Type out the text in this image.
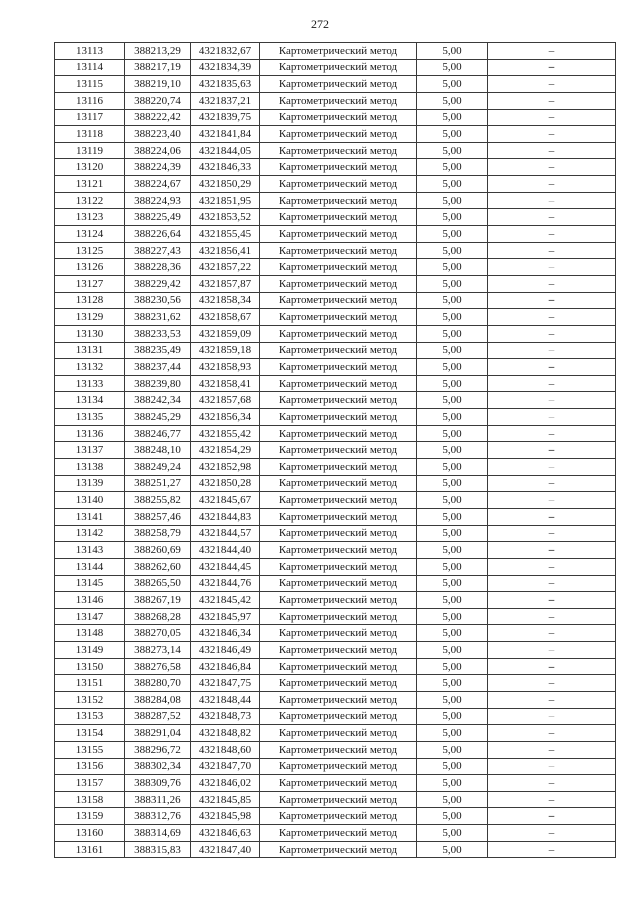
272
13113	388213,29	4321832,67	Картометрический метод	5,00	–
13114	388217,19	4321834,39	Картометрический метод	5,00	–
13115	388219,10	4321835,63	Картометрический метод	5,00	–
13116	388220,74	4321837,21	Картометрический метод	5,00	–
13117	388222,42	4321839,75	Картометрический метод	5,00	–
13118	388223,40	4321841,84	Картометрический метод	5,00	–
13119	388224,06	4321844,05	Картометрический метод	5,00	–
13120	388224,39	4321846,33	Картометрический метод	5,00	–
13121	388224,67	4321850,29	Картометрический метод	5,00	–
13122	388224,93	4321851,95	Картометрический метод	5,00	–
13123	388225,49	4321853,52	Картометрический метод	5,00	–
13124	388226,64	4321855,45	Картометрический метод	5,00	–
13125	388227,43	4321856,41	Картометрический метод	5,00	–
13126	388228,36	4321857,22	Картометрический метод	5,00	–
13127	388229,42	4321857,87	Картометрический метод	5,00	–
13128	388230,56	4321858,34	Картометрический метод	5,00	–
13129	388231,62	4321858,67	Картометрический метод	5,00	–
13130	388233,53	4321859,09	Картометрический метод	5,00	–
13131	388235,49	4321859,18	Картометрический метод	5,00	–
13132	388237,44	4321858,93	Картометрический метод	5,00	–
13133	388239,80	4321858,41	Картометрический метод	5,00	–
13134	388242,34	4321857,68	Картометрический метод	5,00	–
13135	388245,29	4321856,34	Картометрический метод	5,00	–
13136	388246,77	4321855,42	Картометрический метод	5,00	–
13137	388248,10	4321854,29	Картометрический метод	5,00	–
13138	388249,24	4321852,98	Картометрический метод	5,00	–
13139	388251,27	4321850,28	Картометрический метод	5,00	–
13140	388255,82	4321845,67	Картометрический метод	5,00	–
13141	388257,46	4321844,83	Картометрический метод	5,00	–
13142	388258,79	4321844,57	Картометрический метод	5,00	–
13143	388260,69	4321844,40	Картометрический метод	5,00	–
13144	388262,60	4321844,45	Картометрический метод	5,00	–
13145	388265,50	4321844,76	Картометрический метод	5,00	–
13146	388267,19	4321845,42	Картометрический метод	5,00	–
13147	388268,28	4321845,97	Картометрический метод	5,00	–
13148	388270,05	4321846,34	Картометрический метод	5,00	–
13149	388273,14	4321846,49	Картометрический метод	5,00	–
13150	388276,58	4321846,84	Картометрический метод	5,00	–
13151	388280,70	4321847,75	Картометрический метод	5,00	–
13152	388284,08	4321848,44	Картометрический метод	5,00	–
13153	388287,52	4321848,73	Картометрический метод	5,00	–
13154	388291,04	4321848,82	Картометрический метод	5,00	–
13155	388296,72	4321848,60	Картометрический метод	5,00	–
13156	388302,34	4321847,70	Картометрический метод	5,00	–
13157	388309,76	4321846,02	Картометрический метод	5,00	–
13158	388311,26	4321845,85	Картометрический метод	5,00	–
13159	388312,76	4321845,98	Картометрический метод	5,00	–
13160	388314,69	4321846,63	Картометрический метод	5,00	–
13161	388315,83	4321847,40	Картометрический метод	5,00	–
